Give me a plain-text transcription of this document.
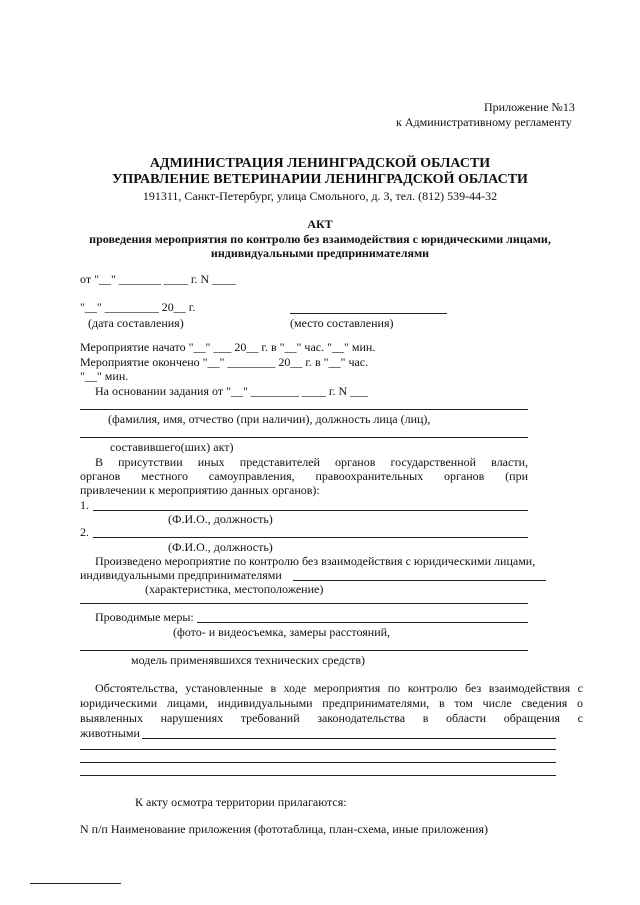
Приложение №13
к Административному регламенту
АДМИНИСТРАЦИЯ ЛЕНИНГРАДСКОЙ ОБЛАСТИ
УПРАВЛЕНИЕ ВЕТЕРИНАРИИ ЛЕНИНГРАДСКОЙ ОБЛАСТИ
191311, Санкт-Петербург, улица Смольного, д. 3, тел. (812) 539-44-32
АКТ
проведения мероприятия по контролю без взаимодействия с юридическими лицами,
индивидуальными предпринимателями
от "__" _______ ____ г. N ____
"__" _________ 20__ г.
(дата составления)	(место составления)
Мероприятие начато "__" ___ 20__ г. в "__" час. "__" мин.
Мероприятие окончено "__" ________ 20__ г. в "__" час.
"__" мин.
На основании задания от "__" ________ ____ г. N ___
(фамилия, имя, отчество (при наличии), должность лица (лиц),
составившего(ших) акт)
В присутствии иных представителей органов государственной власти,
органов местного самоуправления, правоохранительных органов (при
привлечении к мероприятию данных органов):
1.
(Ф.И.О., должность)
2.
(Ф.И.О., должность)
Произведено мероприятие по контролю без взаимодействия с юридическими лицами,
индивидуальными предпринимателями
(характеристика, местоположение)
Проводимые меры:
(фото- и видеосъемка, замеры расстояний,
модель применявшихся технических средств)
Обстоятельства, установленные в ходе мероприятия по контролю без взаимодействия с
юридическими лицами, индивидуальными предпринимателями, в том числе сведения о
выявленных нарушениях требований законодательства в области обращения с
животными
К акту осмотра территории прилагаются:
N п/п Наименование приложения (фототаблица, план-схема, иные приложения)
